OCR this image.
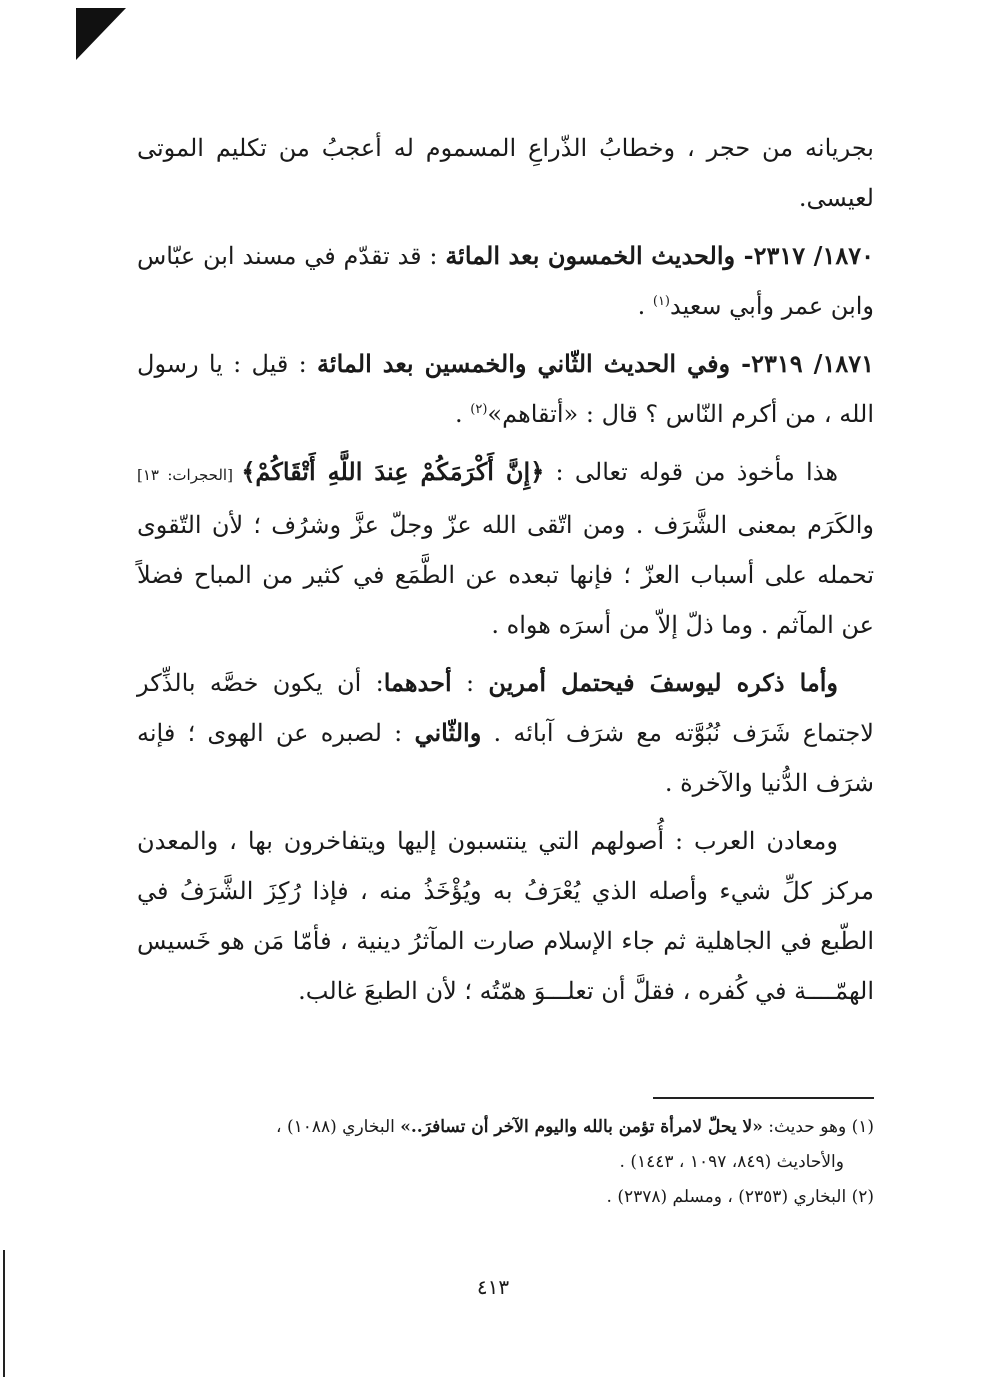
بجريانه من حجر ، وخطابُ الذّراعِ المسموم له أعجبُ من تكليم الموتى لعيسى.

١٨٧٠/ ٢٣١٧- والحديث الخمسون بعد المائة : قد تقدّم في مسند ابن عبّاس وابن عمر وأبي سعيد$^{(١)}$ .

١٨٧١/ ٢٣١٩- وفي الحديث الثّاني والخمسين بعد المائة : قيل : يا رسول الله ، من أكرم النّاس ؟ قال : «أتقاهم»$^{(٢)}$ .

هذا مأخوذ من قوله تعالى : ﴿إِنَّ أَكْرَمَكُمْ عِندَ اللَّهِ أَتْقَاكُمْ﴾ [الحجرات: ١٣] والكَرَم بمعنى الشَّرَف . ومن اتّقى الله عزّ وجلّ عزَّ وشرُف ؛ لأن التّقوى تحمله على أسباب العزّ ؛ فإنها تبعده عن الطَّمَع في كثير من المباح فضلاً عن المآثم . وما ذلّ إلاّ من أسرَه هواه .

وأما ذكره ليوسفَ فيحتمل أمرين : أحدهما: أن يكون خصَّه بالذِّكر لاجتماع شَرَف نُبُوَّته مع شرَف آبائه . والثّاني : لصبره عن الهوى ؛ فإنه شرَف الدُّنيا والآخرة .

ومعادن العرب : أُصولهم التي ينتسبون إليها ويتفاخرون بها ، والمعدن مركز كلِّ شيء وأصله الذي يُعْرَفُ به ويُؤْخَذُ منه ، فإذا رُكِزَ الشَّرَفُ في الطّبع في الجاهلية ثم جاء الإسلام صارت المآثرُ دينية ، فأمّا مَن هو خَسيس الهمّــــة في كُفره ، فقلَّ أن تعلـــوَ همّتُه ؛ لأن الطبعَ غالب.

(١) وهو حديث: «لا يحلّ لامرأة تؤمن بالله واليوم الآخر أن تسافرَ..» البخاري (١٠٨٨) ،

والأحاديث (٨٤٩، ١٠٩٧ ، ١٤٤٣) .

(٢) البخاري (٢٣٥٣) ، ومسلم (٢٣٧٨) .

٤١٣
